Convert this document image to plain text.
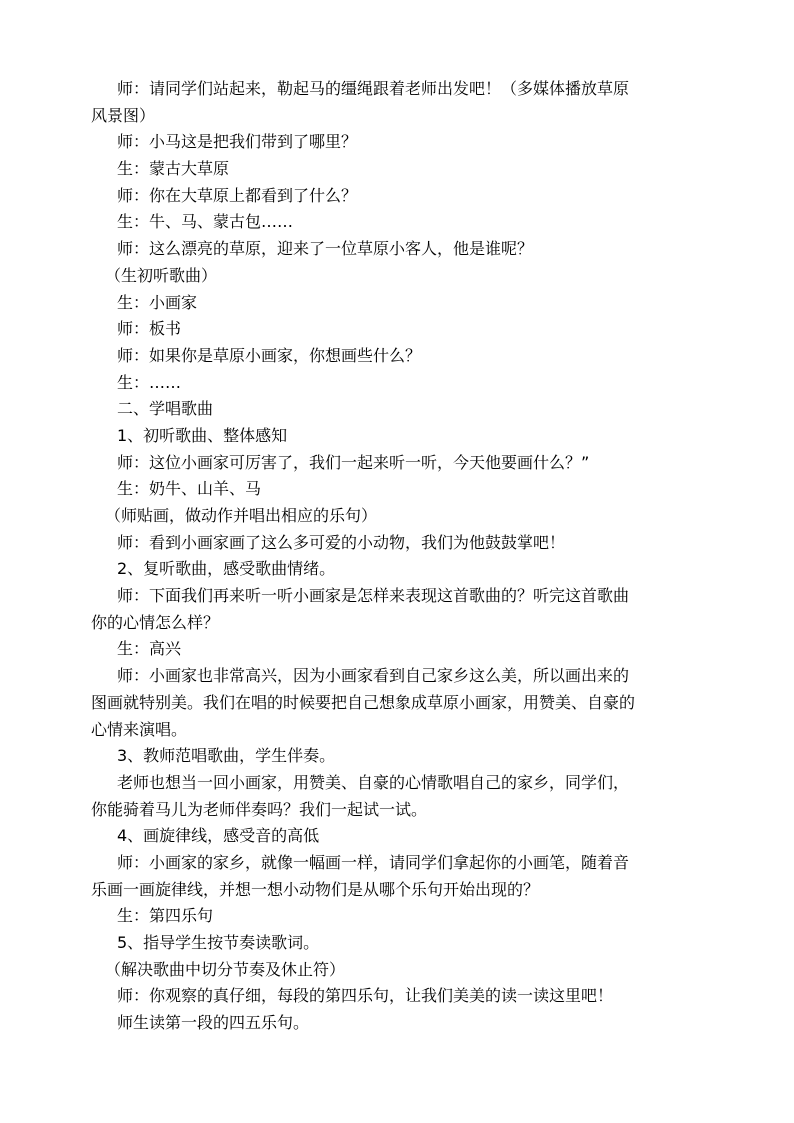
师：请同学们站起来，勒起马的缰绳跟着老师出发吧！（多媒体播放草原
风景图）
师：小马这是把我们带到了哪里？
生：蒙古大草原
师：你在大草原上都看到了什么？
生：牛、马、蒙古包……
师：这么漂亮的草原，迎来了一位草原小客人，他是谁呢？
（生初听歌曲）
生：小画家
师：板书
师：如果你是草原小画家，你想画些什么？
生：……
二、学唱歌曲
1、初听歌曲、整体感知
师：这位小画家可厉害了，我们一起来听一听，今天他要画什么？”
生：奶牛、山羊、马
（师贴画，做动作并唱出相应的乐句）
师：看到小画家画了这么多可爱的小动物，我们为他鼓鼓掌吧！
2、复听歌曲，感受歌曲情绪。
师：下面我们再来听一听小画家是怎样来表现这首歌曲的？听完这首歌曲
你的心情怎么样？
生：高兴
师：小画家也非常高兴，因为小画家看到自己家乡这么美，所以画出来的
图画就特别美。我们在唱的时候要把自己想象成草原小画家，用赞美、自豪的
心情来演唱。
3、教师范唱歌曲，学生伴奏。
老师也想当一回小画家，用赞美、自豪的心情歌唱自己的家乡，同学们，
你能骑着马儿为老师伴奏吗？我们一起试一试。
4、画旋律线，感受音的高低
师：小画家的家乡，就像一幅画一样，请同学们拿起你的小画笔，随着音
乐画一画旋律线，并想一想小动物们是从哪个乐句开始出现的？
生：第四乐句
5、指导学生按节奏读歌词。
（解决歌曲中切分节奏及休止符）
师：你观察的真仔细，每段的第四乐句，让我们美美的读一读这里吧！
师生读第一段的四五乐句。
